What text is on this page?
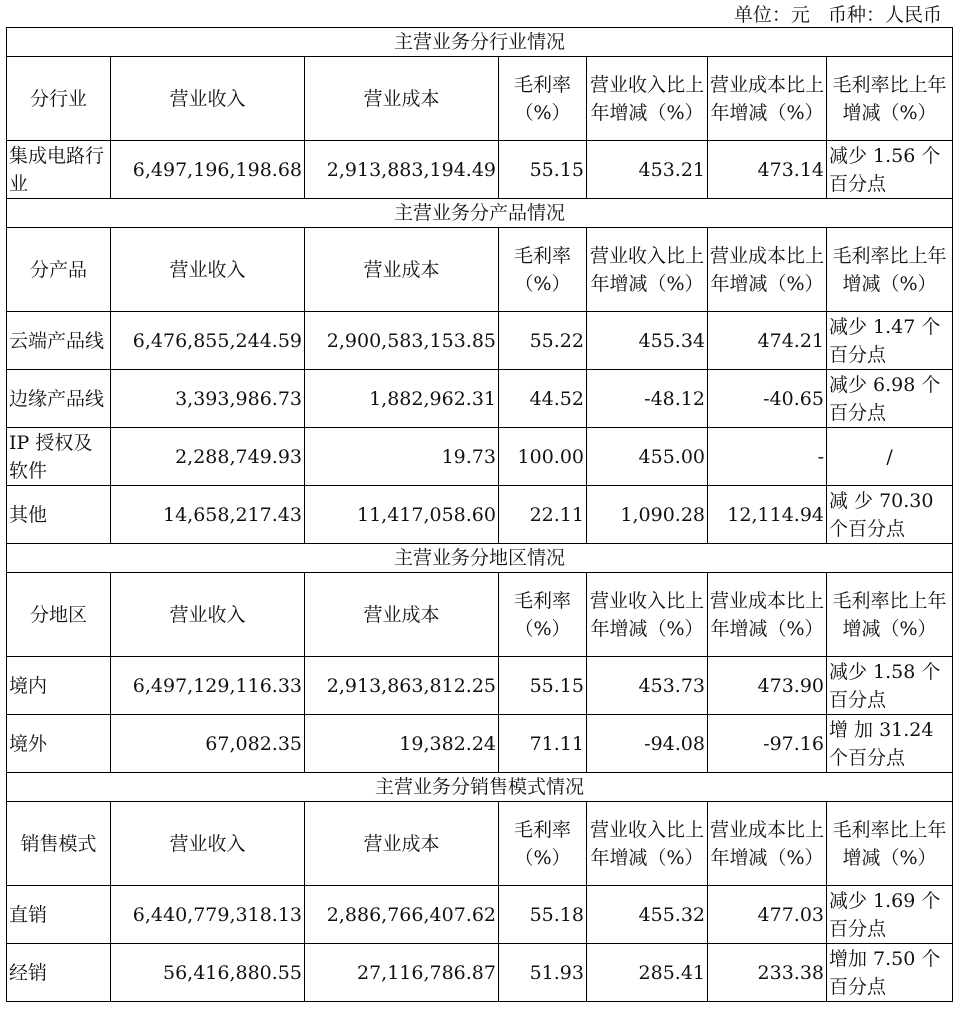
单位：元   币种：人民币
主营业务分行业情况						
分行业	营业收入	营业成本	毛利率（%）	营业收入比上年增减（%）	营业成本比上年增减（%）	毛利率比上年增减（%）
集成电路行业	6,497,196,198.68	2,913,883,194.49	55.15	453.21	473.14	减少 1.56 个百分点
主营业务分产品情况						
分产品	营业收入	营业成本	毛利率（%）	营业收入比上年增减（%）	营业成本比上年增减（%）	毛利率比上年增减（%）
云端产品线	6,476,855,244.59	2,900,583,153.85	55.22	455.34	474.21	减少 1.47 个百分点
边缘产品线	3,393,986.73	1,882,962.31	44.52	-48.12	-40.65	减少 6.98 个百分点
IP 授权及软件	2,288,749.93	19.73	100.00	455.00	-	/
其他	14,658,217.43	11,417,058.60	22.11	1,090.28	12,114.94	减 少 70.30 个百分点
主营业务分地区情况						
分地区	营业收入	营业成本	毛利率（%）	营业收入比上年增减（%）	营业成本比上年增减（%）	毛利率比上年增减（%）
境内	6,497,129,116.33	2,913,863,812.25	55.15	453.73	473.90	减少 1.58 个百分点
境外	67,082.35	19,382.24	71.11	-94.08	-97.16	增 加 31.24 个百分点
主营业务分销售模式情况						
销售模式	营业收入	营业成本	毛利率（%）	营业收入比上年增减（%）	营业成本比上年增减（%）	毛利率比上年增减（%）
直销	6,440,779,318.13	2,886,766,407.62	55.18	455.32	477.03	减少 1.69 个百分点
经销	56,416,880.55	27,116,786.87	51.93	285.41	233.38	增加 7.50 个百分点
